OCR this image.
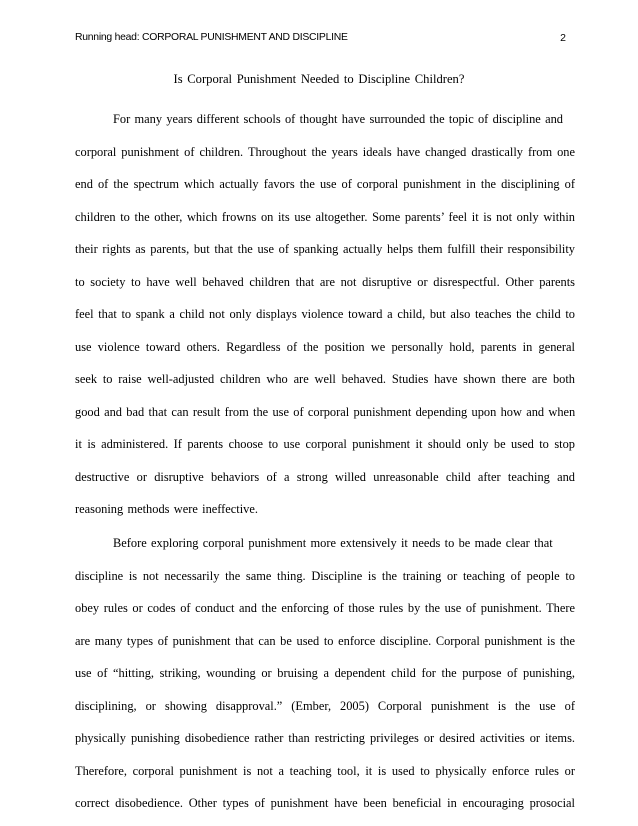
Running head: CORPORAL PUNISHMENT AND DISCIPLINE	2
Is Corporal Punishment Needed to Discipline Children?
For many years different schools of thought have surrounded the topic of discipline and
corporal punishment of children. Throughout the years ideals have changed drastically from one
end of the spectrum which actually favors the use of corporal punishment in the disciplining of
children to the other, which frowns on its use altogether. Some parents’ feel it is not only within
their rights as parents, but that the use of spanking actually helps them fulfill their responsibility
to society to have well behaved children that are not disruptive or disrespectful. Other parents
feel that to spank a child not only displays violence toward a child, but also teaches the child to
use violence toward others. Regardless of the position we personally hold, parents in general
seek to raise well-adjusted children who are well behaved. Studies have shown there are both
good and bad that can result from the use of corporal punishment depending upon how and when
it is administered. If parents choose to use corporal punishment it should only be used to stop
destructive or disruptive behaviors of a strong willed unreasonable child after teaching and
reasoning methods were ineffective.
Before exploring corporal punishment more extensively it needs to be made clear that
discipline is not necessarily the same thing. Discipline is the training or teaching of people to
obey rules or codes of conduct and the enforcing of those rules by the use of punishment. There
are many types of punishment that can be used to enforce discipline. Corporal punishment is the
use of “hitting, striking, wounding or bruising a dependent child for the purpose of punishing,
disciplining, or showing disapproval.” (Ember, 2005) Corporal punishment is the use of
physically punishing disobedience rather than restricting privileges or desired activities or items.
Therefore, corporal punishment is not a teaching tool, it is used to physically enforce rules or
correct disobedience. Other types of punishment have been beneficial in encouraging prosocial
